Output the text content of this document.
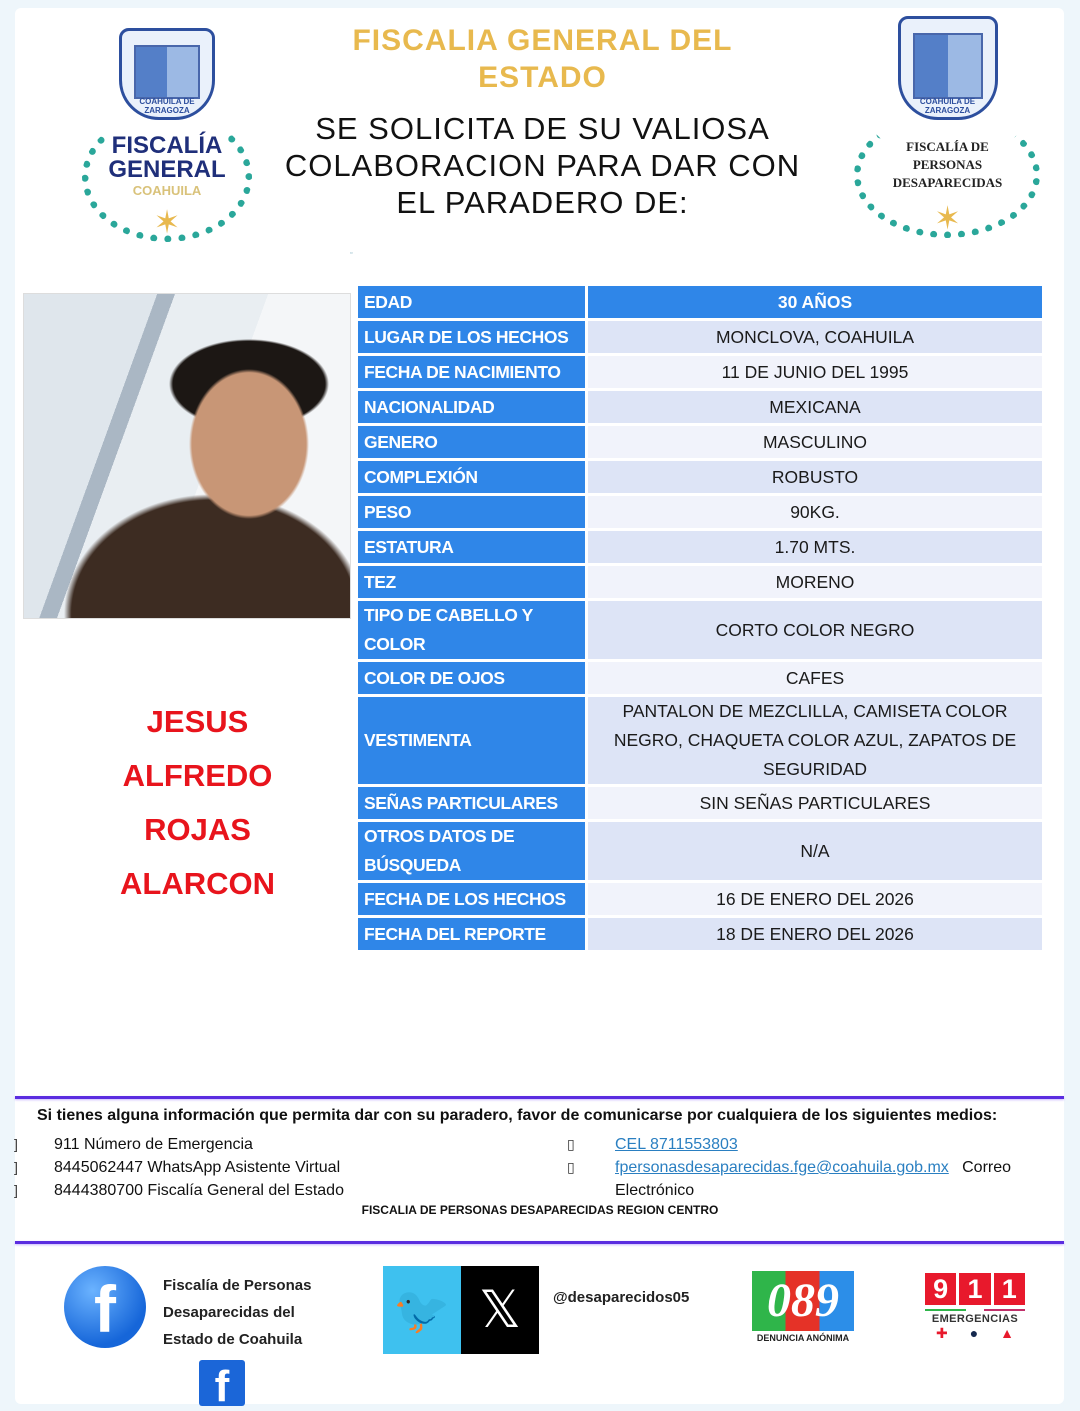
COAHUILA DE ZARAGOZA
FISCALÍA
GENERAL
COAHUILA
✶
COAHUILA DE ZARAGOZA
FISCALÍA DE
PERSONAS
DESAPARECIDAS
✶
FISCALIA GENERAL DEL
ESTADO
SE SOLICITA DE SU VALIOSA
COLABORACION PARA DAR CON
EL PARADERO DE:
▫
JESUS
ALFREDO
ROJAS
ALARCON
EDAD	30 AÑOS
LUGAR DE LOS HECHOS	MONCLOVA, COAHUILA
FECHA DE NACIMIENTO	11 DE JUNIO DEL 1995
NACIONALIDAD	MEXICANA
GENERO	MASCULINO
COMPLEXIÓN	ROBUSTO
PESO	90KG.
ESTATURA	1.70 MTS.
TEZ	MORENO
TIPO DE CABELLO Y COLOR	CORTO COLOR NEGRO
COLOR DE OJOS	CAFES
VESTIMENTA	PANTALON DE MEZCLILLA, CAMISETA COLOR NEGRO, CHAQUETA COLOR AZUL, ZAPATOS DE SEGURIDAD
SEÑAS PARTICULARES	SIN SEÑAS PARTICULARES
OTROS DATOS DE BÚSQUEDA	N/A
FECHA DE LOS HECHOS	16 DE ENERO DEL 2026
FECHA DEL REPORTE	18 DE ENERO DEL 2026
Si tienes alguna información que permita dar con su paradero, favor de comunicarse por cualquiera de los siguientes medios:
] 911 Número de Emergencia
] 8445062447 WhatsApp Asistente Virtual
] 8444380700 Fiscalía General del Estado
▯	CEL 8711553803
▯	fpersonasdesaparecidas.fge@coahuila.gob.mx Correo Electrónico
FISCALIA DE PERSONAS DESAPARECIDAS REGION CENTRO
f	Fiscalía de Personas
Desaparecidas del
Estado de Coahuila
f
🐦 𝕏	@desaparecidos05	089
DENUNCIA ANÓNIMA
9 1 1
EMERGENCIAS
✚ ● ▲
